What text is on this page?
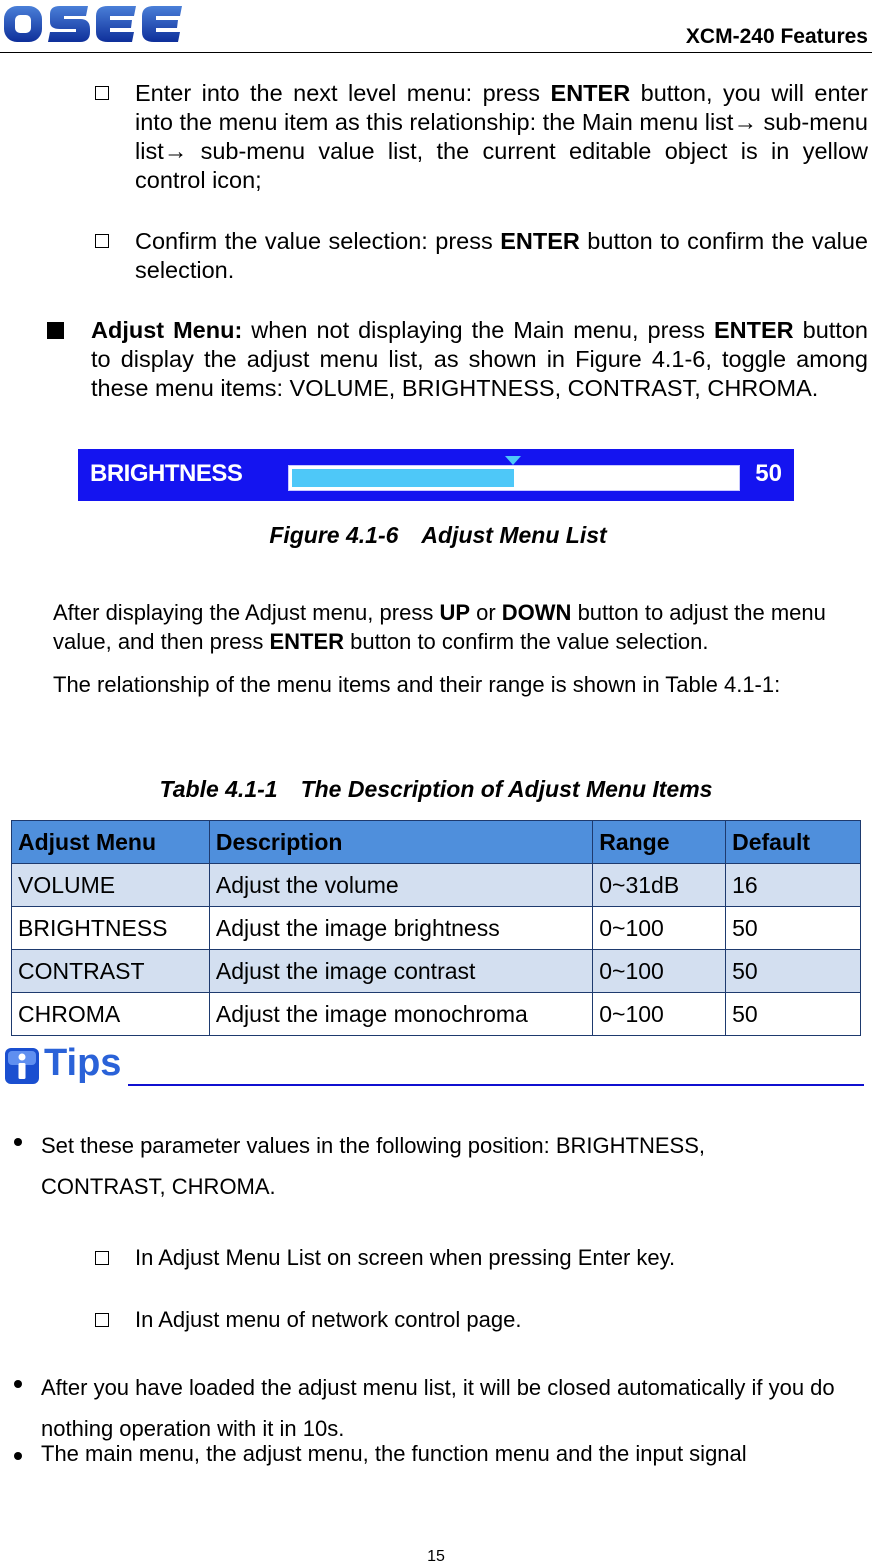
XCM-240 Features
Enter into the next level menu: press ENTER button, you will enter into the menu item as this relationship: the Main menu list→ sub-menu list→ sub-menu value list, the current editable object is in yellow control icon;
Confirm the value selection: press ENTER button to confirm the value selection.
Adjust Menu: when not displaying the Main menu, press ENTER button to display the adjust menu list, as shown in Figure 4.1-6, toggle among these menu items: VOLUME, BRIGHTNESS, CONTRAST, CHROMA.
BRIGHTNESS	50
Figure 4.1-6 Adjust Menu List
After displaying the Adjust menu, press UP or DOWN button to adjust the menu value, and then press ENTER button to confirm the value selection.
The relationship of the menu items and their range is shown in Table 4.1-1:
Table 4.1-1 The Description of Adjust Menu Items
Adjust Menu	Description	Range	Default
VOLUME	Adjust the volume	0~31dB	16
BRIGHTNESS	Adjust the image brightness	0~100	50
CONTRAST	Adjust the image contrast	0~100	50
CHROMA	Adjust the image monochroma	0~100	50
Tips
Set these parameter values in the following position: BRIGHTNESS, CONTRAST, CHROMA.
In Adjust Menu List on screen when pressing Enter key.
In Adjust menu of network control page.
After you have loaded the adjust menu list, it will be closed automatically if you do nothing operation with it in 10s.
The main menu, the adjust menu, the function menu and the input signal
15
